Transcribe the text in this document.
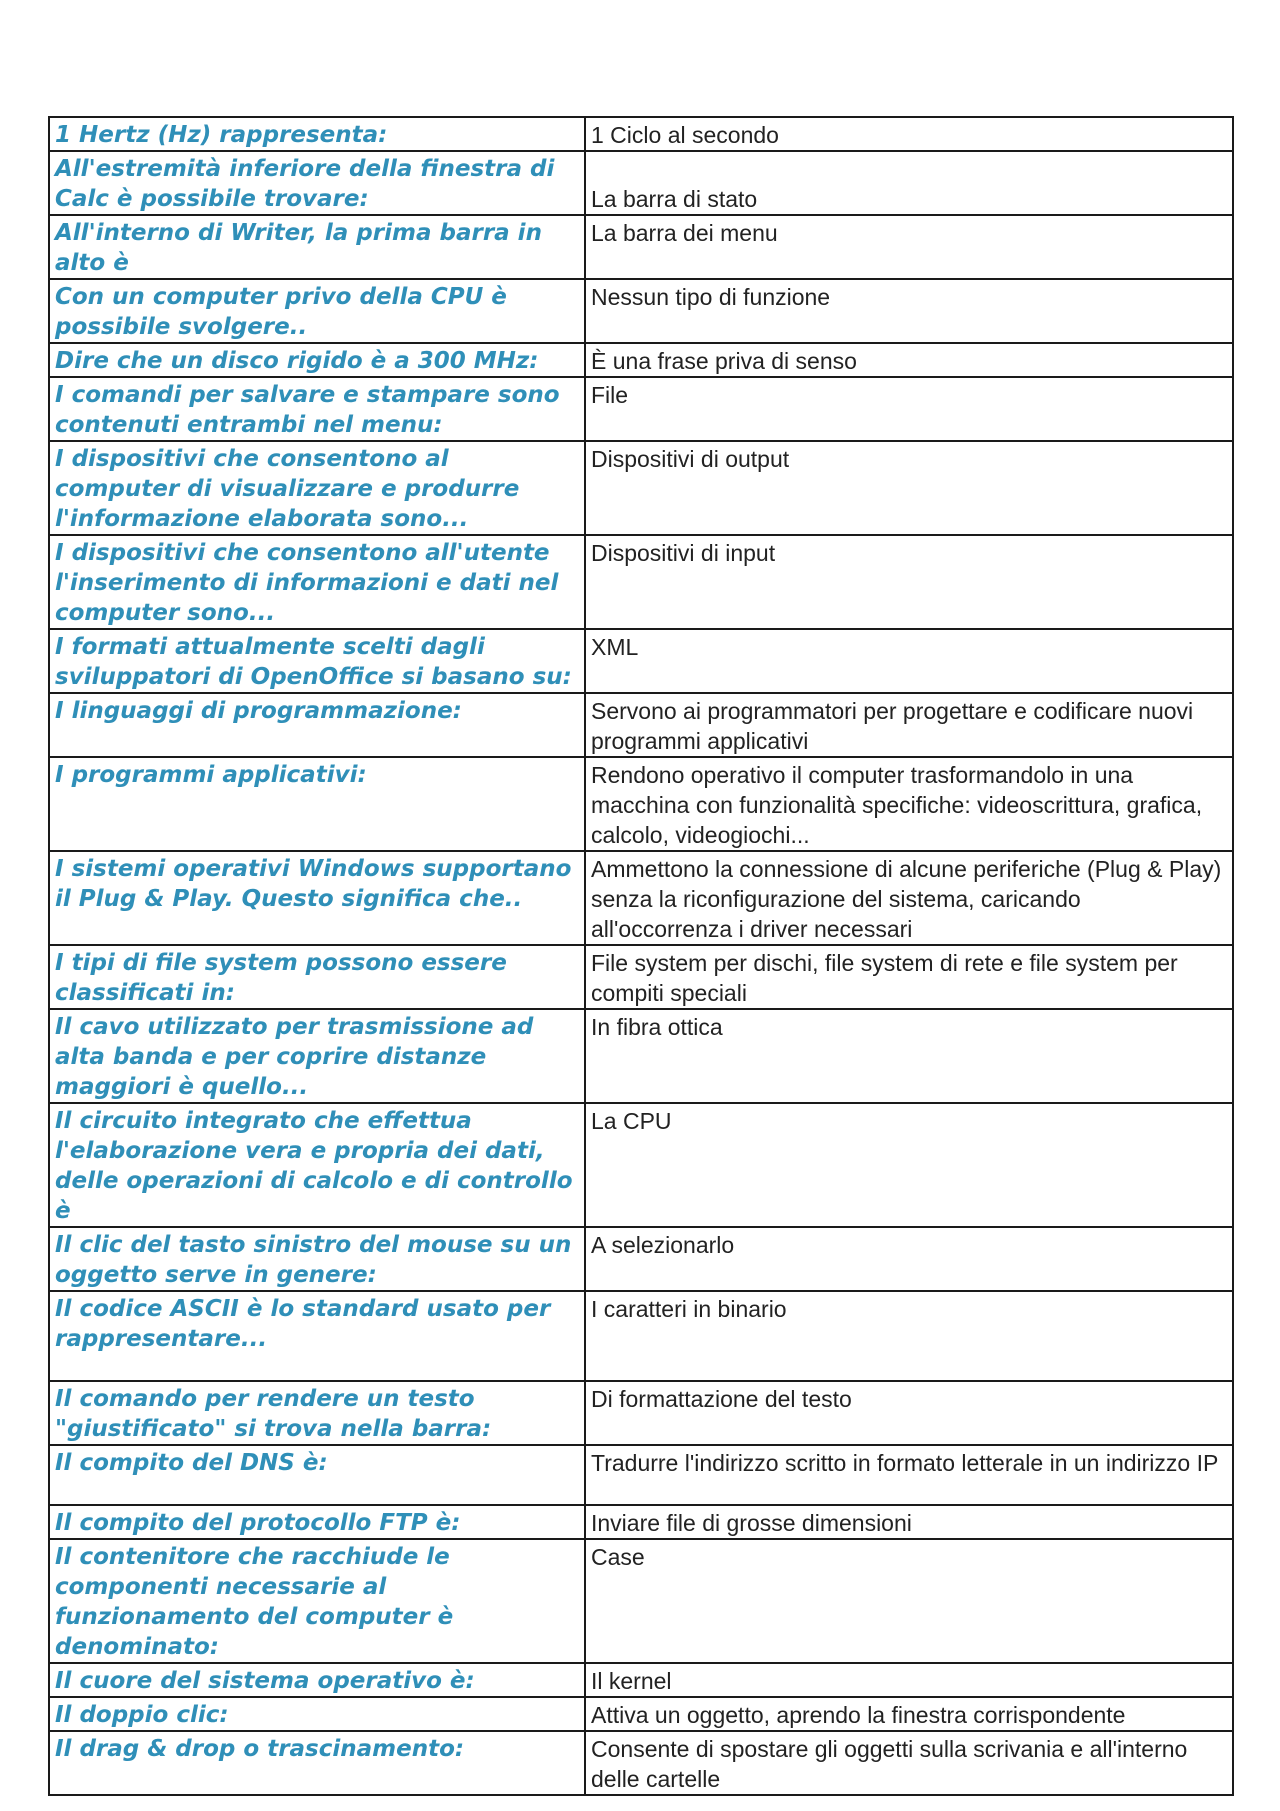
1 Hertz (Hz) rappresenta:	1 Ciclo al secondo
All'estremità inferiore della finestra di Calc è possibile trovare:	La barra di stato
All'interno di Writer, la prima barra in alto è	La barra dei menu
Con un computer privo della CPU è possibile svolgere..	Nessun tipo di funzione
Dire che un disco rigido è a 300 MHz:	È una frase priva di senso
I comandi per salvare e stampare sono contenuti entrambi nel menu:	File
I dispositivi che consentono al computer di visualizzare e produrre l'informazione elaborata sono...	Dispositivi di output
I dispositivi che consentono all'utente l'inserimento di informazioni e dati nel computer sono...	Dispositivi di input
I formati attualmente scelti dagli sviluppatori di OpenOffice si basano su:	XML
I linguaggi di programmazione:	Servono ai programmatori per progettare e codificare nuovi programmi applicativi
I programmi applicativi:	Rendono operativo il computer trasformandolo in una macchina con funzionalità specifiche: videoscrittura, grafica, calcolo, videogiochi...
I sistemi operativi Windows supportano il Plug & Play. Questo significa che..	Ammettono la connessione di alcune periferiche (Plug & Play) senza la riconfigurazione del sistema, caricando all'occorrenza i driver necessari
I tipi di file system possono essere classificati in:	File system per dischi, file system di rete e file system per compiti speciali
Il cavo utilizzato per trasmissione ad alta banda e per coprire distanze maggiori è quello...	In fibra ottica
Il circuito integrato che effettua l'elaborazione vera e propria dei dati, delle operazioni di calcolo e di controllo è	La CPU
Il clic del tasto sinistro del mouse su un oggetto serve in genere:	A selezionarlo
Il codice ASCII è lo standard usato per rappresentare...	I caratteri in binario
Il comando per rendere un testo "giustificato" si trova nella barra:	Di formattazione del testo
Il compito del DNS è:	Tradurre l'indirizzo scritto in formato letterale in un indirizzo IP
Il compito del protocollo FTP è:	Inviare file di grosse dimensioni
Il contenitore che racchiude le componenti necessarie al funzionamento del computer è denominato:	Case
Il cuore del sistema operativo è:	Il kernel
Il doppio clic:	Attiva un oggetto, aprendo la finestra corrispondente
Il drag & drop o trascinamento:	Consente di spostare gli oggetti sulla scrivania e all'interno delle cartelle
